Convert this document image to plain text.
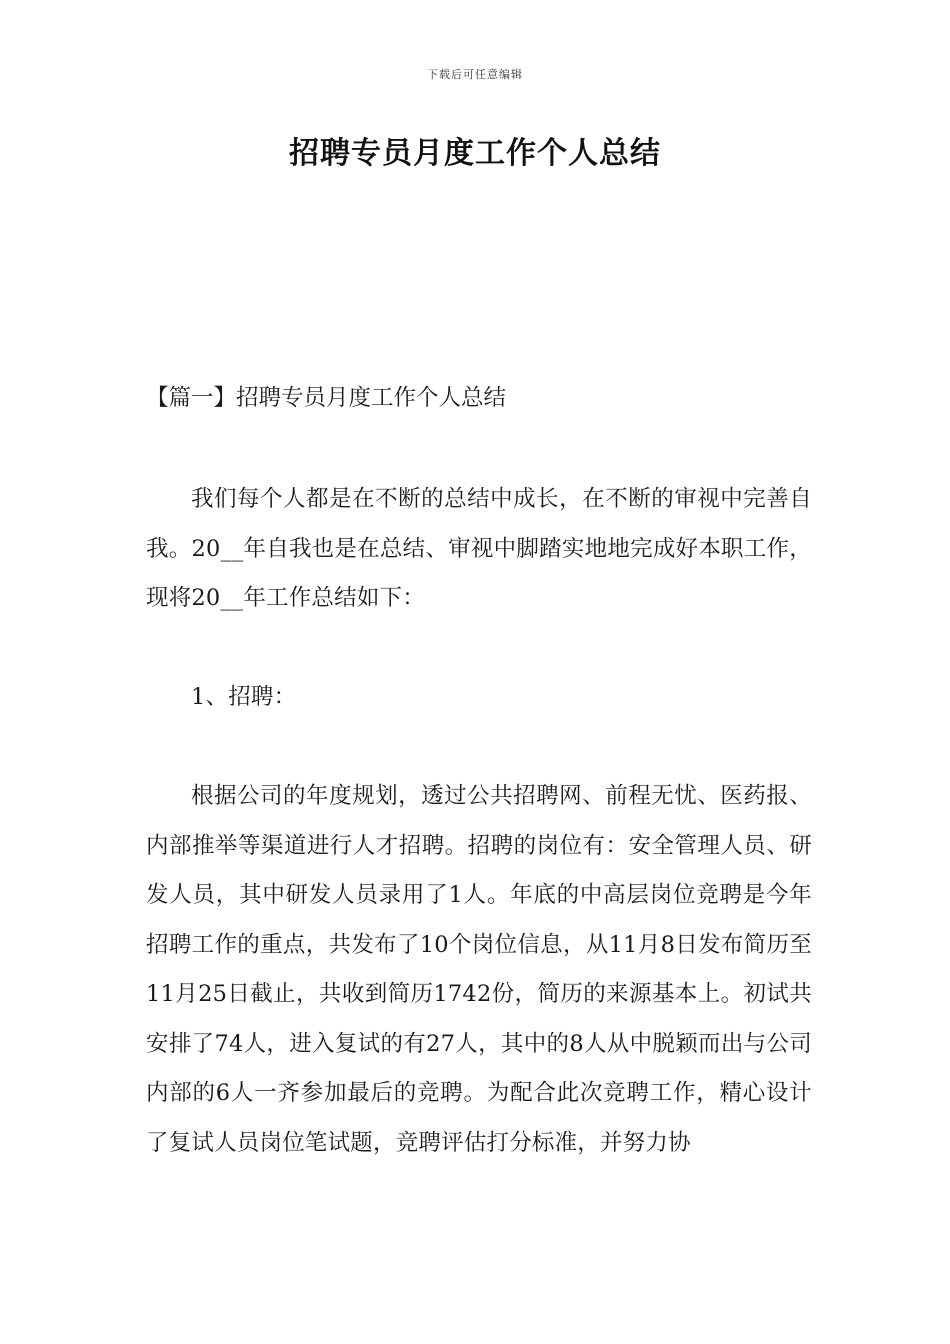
下载后可任意编辑
招聘专员月度工作个人总结
【篇一】招聘专员月度工作个人总结

我们每个人都是在不断的总结中成长，在不断的审视中完善自我。20__年自我也是在总结、审视中脚踏实地地完成好本职工作，现将20__年工作总结如下：

1、招聘：

根据公司的年度规划，透过公共招聘网、前程无忧、医药报、内部推举等渠道进行人才招聘。招聘的岗位有：安全管理人员、研发人员，其中研发人员录用了1人。年底的中高层岗位竞聘是今年招聘工作的重点，共发布了10个岗位信息，从11月8日发布简历至11月25日截止，共收到简历1742份，简历的来源基本上。初试共安排了74人，进入复试的有27人，其中的8人从中脱颖而出与公司内部的6人一齐参加最后的竞聘。为配合此次竞聘工作，精心设计了复试人员岗位笔试题，竞聘评估打分标准，并努力协
